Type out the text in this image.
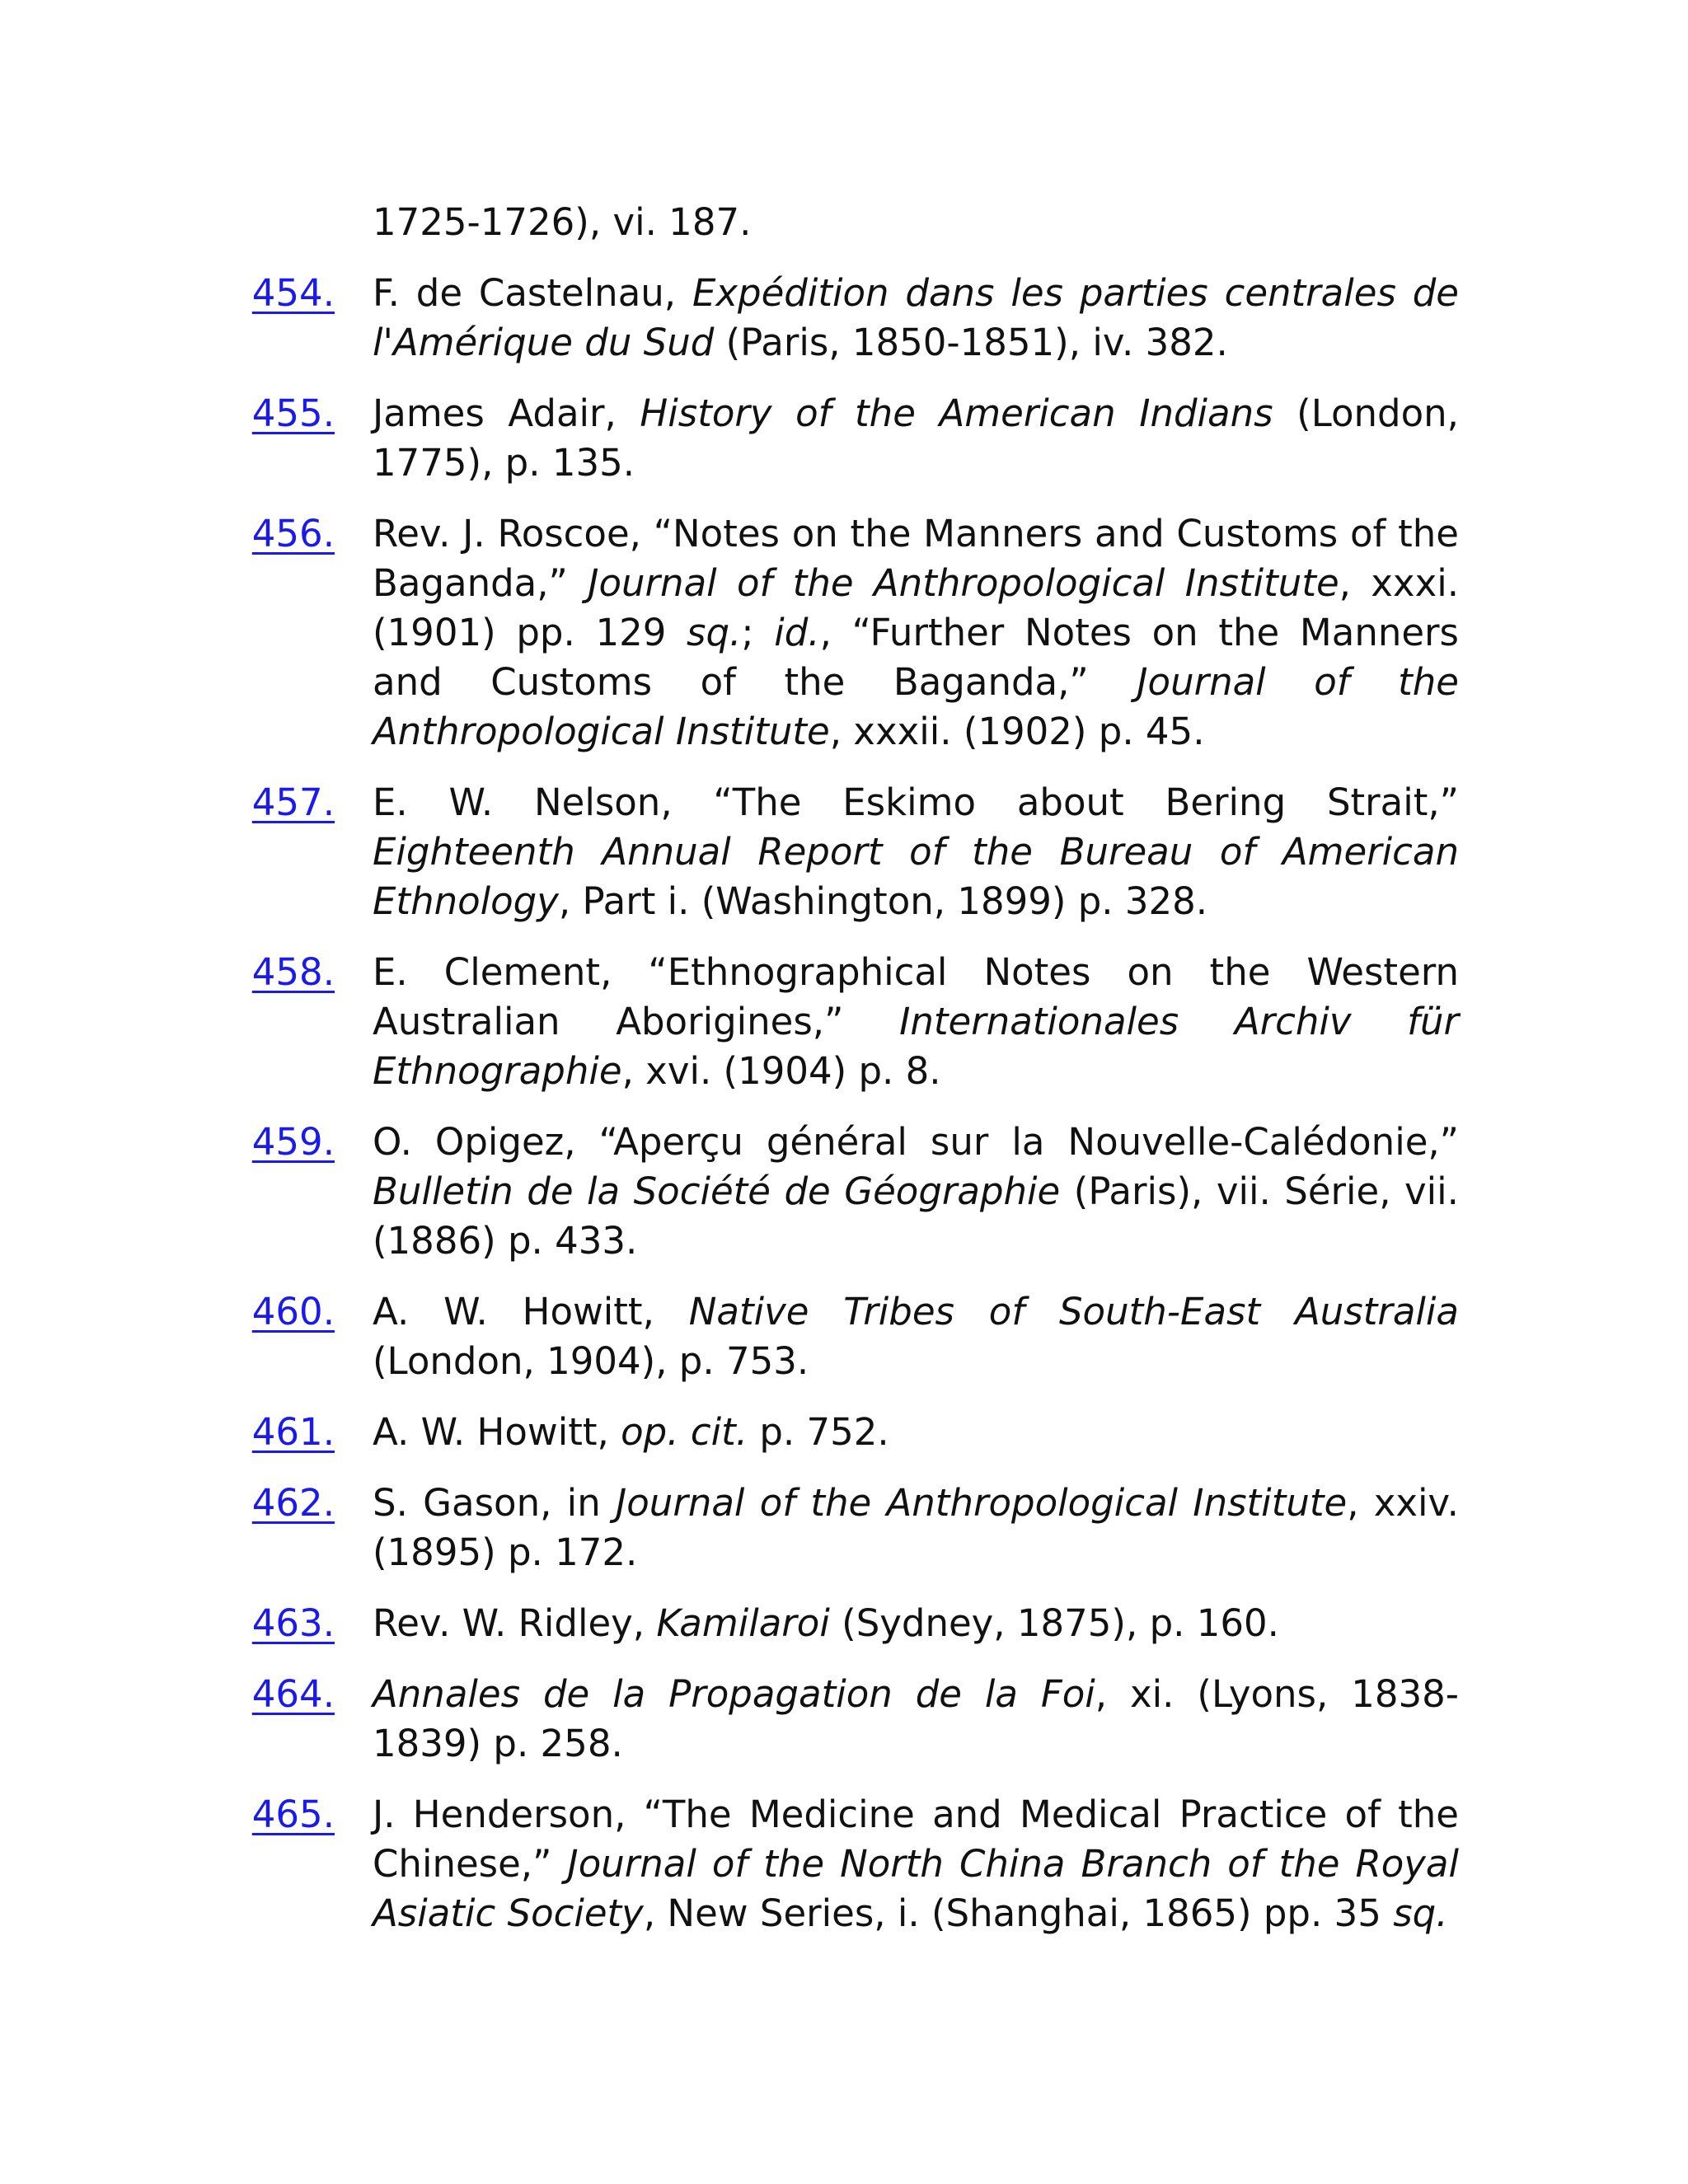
1725-1726), vi. 187.
454. F. de Castelnau, Expédition dans les parties centrales de l'Amérique du Sud (Paris, 1850-1851), iv. 382.
455. James Adair, History of the American Indians (London, 1775), p. 135.
456. Rev. J. Roscoe, “Notes on the Manners and Customs of the Baganda,” Journal of the Anthropological Institute, xxxi. (1901) pp. 129 sq.; id., “Further Notes on the Manners and Customs of the Baganda,” Journal of the Anthropological Institute, xxxii. (1902) p. 45.
457. E. W. Nelson, “The Eskimo about Bering Strait,” Eighteenth Annual Report of the Bureau of American Ethnology, Part i. (Washington, 1899) p. 328.
458. E. Clement, “Ethnographical Notes on the Western Australian Aborigines,” Internationales Archiv für Ethnographie, xvi. (1904) p. 8.
459. O. Opigez, “Aperçu général sur la Nouvelle-Calédonie,” Bulletin de la Société de Géographie (Paris), vii. Série, vii. (1886) p. 433.
460. A. W. Howitt, Native Tribes of South-East Australia (London, 1904), p. 753.
461. A. W. Howitt, op. cit. p. 752.
462. S. Gason, in Journal of the Anthropological Institute, xxiv. (1895) p. 172.
463. Rev. W. Ridley, Kamilaroi (Sydney, 1875), p. 160.
464. Annales de la Propagation de la Foi, xi. (Lyons, 1838-1839) p. 258.
465. J. Henderson, “The Medicine and Medical Practice of the Chinese,” Journal of the North China Branch of the Royal Asiatic Society, New Series, i. (Shanghai, 1865) pp. 35 sq.
